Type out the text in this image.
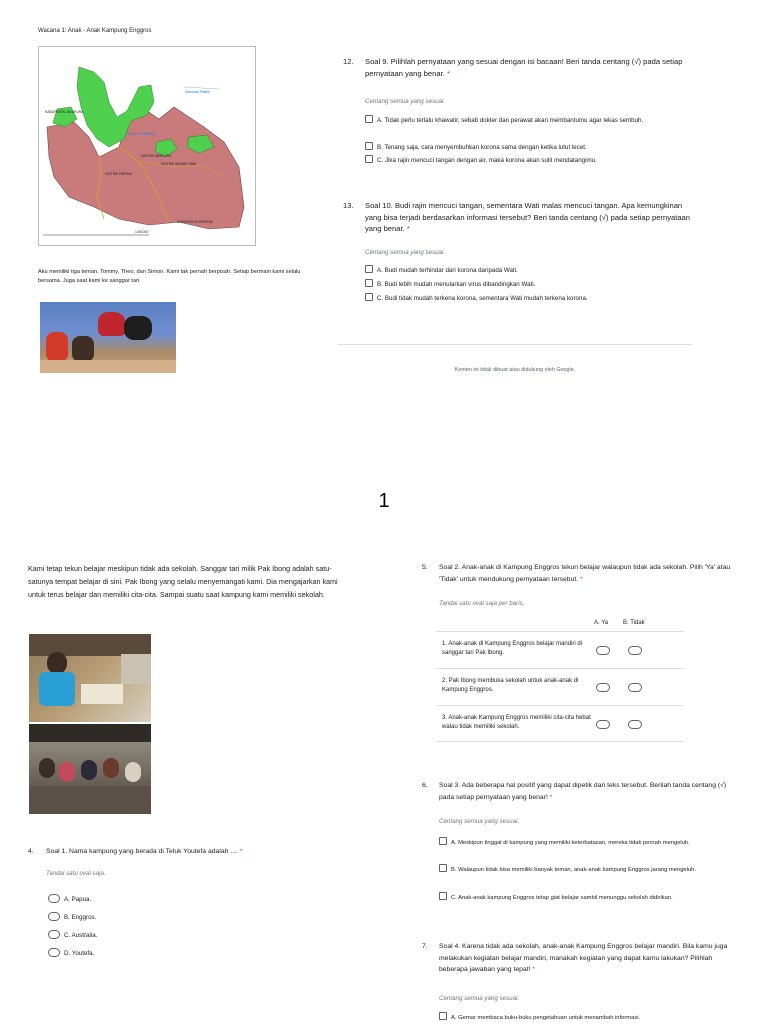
Wacana 1: Anak - Anak Kampung Enggros
KABUPATEN JAYAPURA
Samudra Pasifik
TELUK YOUTEFA
DISTRIK ABEPURA
DISTRIK HERAM
DISTRIK MUARA TAMI
KABUPATEN KEEROM
1:50.000
Aku memiliki tiga teman. Tommy, Theo, dan Simon. Kami tak pernah berpisah. Setiap bermain kami selalu bersama. Juga saat kami ke sanggar tari.
12. Soal 9. Pilihlah pernyataan yang sesuai dengan isi bacaan! Beri tanda centang (√) pada setiap pernyataan yang benar. *
Centang semua yang sesuai.
A. Tidak perlu terlalu khawatir, sebab dokter dan perawat akan membantumu agar lekas sembuh.
B. Tenang saja, cara menyembuhkan korona sama dengan ketika lutut lecet.
C. Jika rajin mencuci tangan dengan air, maka korona akan sulit mendatangimu.
13. Soal 10. Budi rajin mencuci tangan, sementara Wati malas mencuci tangan. Apa kemungkinan yang bisa terjadi berdasarkan informasi tersebut? Beri tanda centang (√) pada setiap pernyataan yang benar. *
Centang semua yang sesuai.
A. Budi mudah terhindar dari korona daripada Wati.
B. Budi lebih mudah menularkan virus dibandingkan Wati.
C. Budi tidak mudah terkena korona, sementara Wati mudah terkena korona.
Konten ini tidak dibuat atau didukung oleh Google.
1
Kami tetap tekun belajar meskipun tidak ada sekolah. Sanggar tari milik Pak Ibong adalah satu-satunya tempat belajar di sini. Pak Ibong yang selalu menyemangati kami. Dia mengajarkan kami untuk terus belajar dan memiliki cita-cita. Sampai suatu saat kampung kami memiliki sekolah.
4. Soal 1. Nama kampung yang berada di Teluk Youtefa adalah .... *
Tandai satu oval saja.
A. Papua.
B. Enggros.
C. Australia.
D. Youtefa.
5. Soal 2. Anak-anak di Kampung Enggros tekun belajar walaupun tidak ada sekolah. Pilih 'Ya' atau 'Tidak' untuk mendukung pernyataan tersebut. *
Tandai satu oval saja per baris.
A. Ya B. Tidak
1. Anak-anak di Kampung Enggros belajar mandiri di sanggar tari Pak Ibong.
2. Pak Ibong membuka sekolah untuk anak-anak di Kampung Enggros.
3. Anak-anak Kampung Enggros memiliki cita-cita hebat walau tidak memiliki sekolah.
6. Soal 3. Ada beberapa hal positif yang dapat dipetik dari teks tersebut. Berilah tanda centang (√) pada setiap pernyataan yang benar! *
Centang semua yang sesuai.
A. Meskipun tinggal di kampung yang memiliki keterbatasan, mereka tidak pernah mengeluh.
B. Walaupun tidak bisa memiliki banyak teman, anak-anak kampung Enggros jarang mengeluh.
C. Anak-anak kampung Enggros tetap giat belajar sambil menunggu sekolah didirikan.
7. Soal 4. Karena tidak ada sekolah, anak-anak Kampung Enggros belajar mandiri. Bila kamu juga melakukan kegiatan belajar mandiri, manakah kegiatan yang dapat kamu lakukan? Pilihlah beberapa jawaban yang tepat! *
Centang semua yang sesuai.
A. Gemar membaca buku-buku pengetahuan untuk menambah informasi.
